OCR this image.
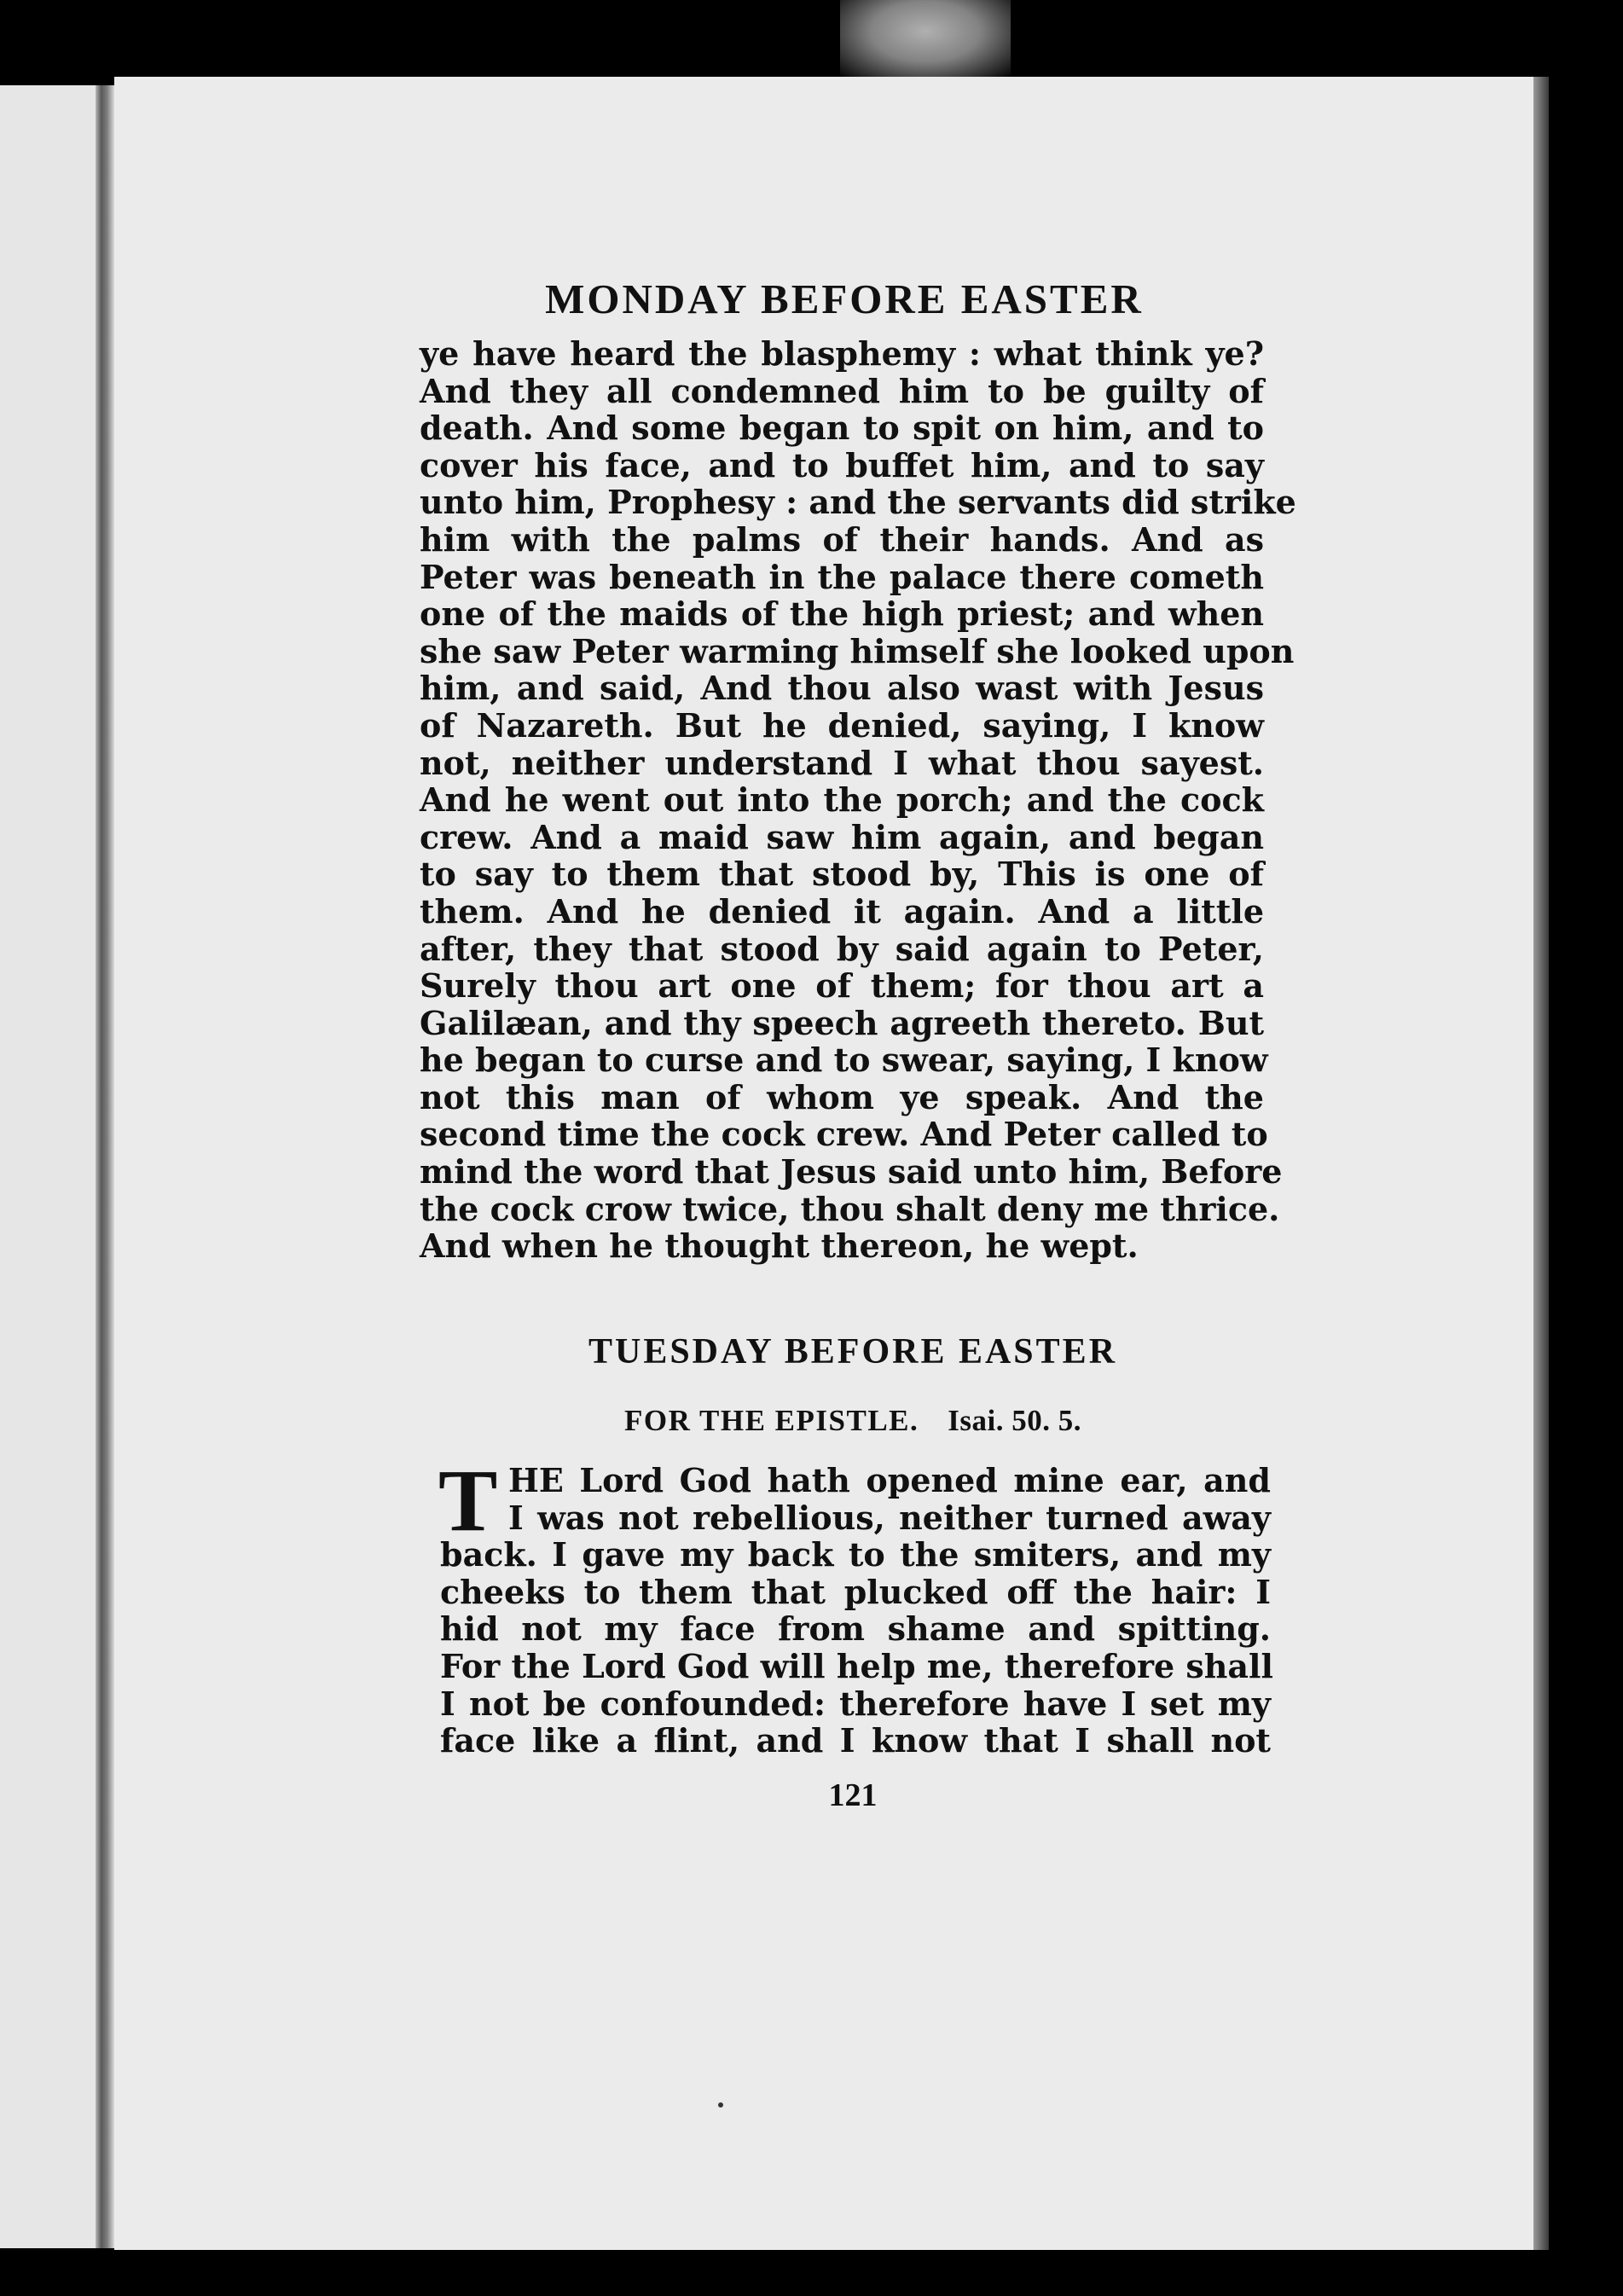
MONDAY BEFORE EASTER
ye have heard the blasphemy : what think ye?
And they all condemned him to be guilty of
death. And some began to spit on him, and to
cover his face, and to buffet him, and to say
unto him, Prophesy : and the servants did strike
him with the palms of their hands. And as
Peter was beneath in the palace there cometh
one of the maids of the high priest; and when
she saw Peter warming himself she looked upon
him, and said, And thou also wast with Jesus
of Nazareth. But he denied, saying, I know
not, neither understand I what thou sayest.
And he went out into the porch; and the cock
crew. And a maid saw him again, and began
to say to them that stood by, This is one of
them. And he denied it again. And a little
after, they that stood by said again to Peter,
Surely thou art one of them; for thou art a
Galilæan, and thy speech agreeth thereto. But
he began to curse and to swear, saying, I know
not this man of whom ye speak. And the
second time the cock crew. And Peter called to
mind the word that Jesus said unto him, Before
the cock crow twice, thou shalt deny me thrice.
And when he thought thereon, he wept.
TUESDAY BEFORE EASTER
FOR THE EPISTLE. Isai. 50. 5.
T HE Lord God hath opened mine ear, and
I was not rebellious, neither turned away
back. I gave my back to the smiters, and my
cheeks to them that plucked off the hair: I
hid not my face from shame and spitting.
For the Lord God will help me, therefore shall
I not be confounded: therefore have I set my
face like a flint, and I know that I shall not
121
